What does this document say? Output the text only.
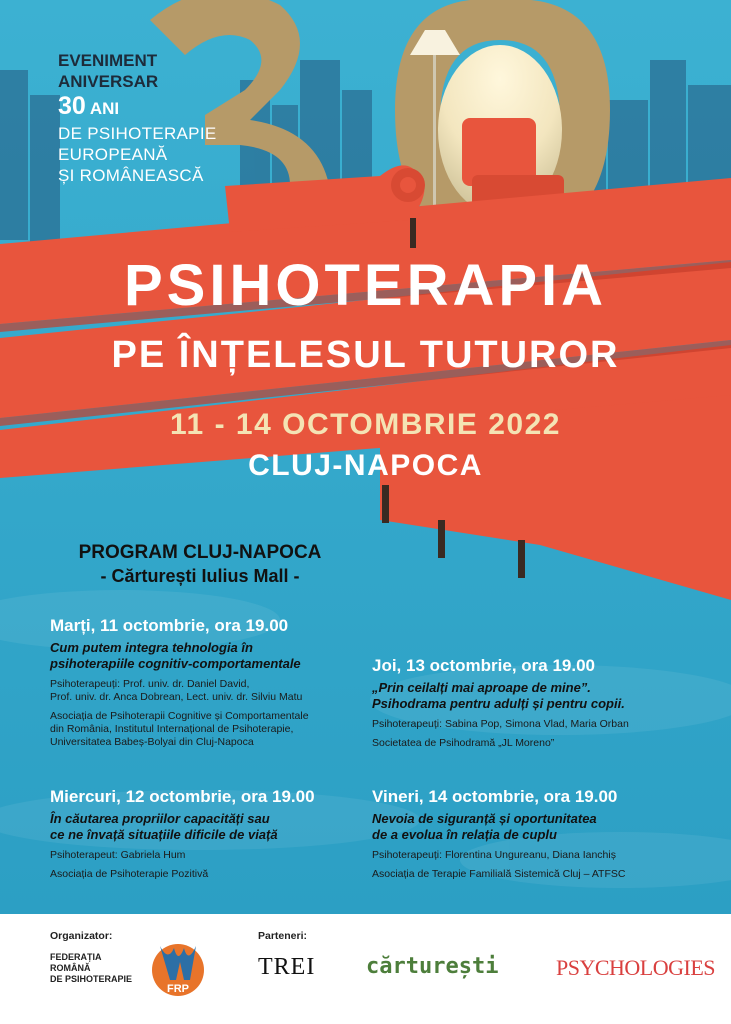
EVENIMENT
ANIVERSAR
30 ANI
DE PSIHOTERAPIE
EUROPEANĂ
ȘI ROMÂNEASCĂ
PSIHOTERAPIA
PE ÎNȚELESUL TUTUROR
11 - 14 OCTOMBRIE 2022
CLUJ-NAPOCA
PROGRAM CLUJ-NAPOCA
- Cărturești Iulius Mall -
Marți, 11 octombrie, ora 19.00
Cum putem integra tehnologia în
psihoterapiile cognitiv-comportamentale
Psihoterapeuți: Prof. univ. dr. Daniel David,
Prof. univ. dr. Anca Dobrean, Lect. univ. dr. Silviu Matu
Asociația de Psihoterapii Cognitive și Comportamentale
din România, Institutul Internațional de Psihoterapie,
Universitatea Babeș-Bolyai din Cluj-Napoca
Miercuri, 12 octombrie, ora 19.00
În căutarea propriilor capacități sau
ce ne învață situațiile dificile de viață
Psihoterapeut: Gabriela Hum
Asociația de Psihoterapie Pozitivă
Joi, 13 octombrie, ora 19.00
„Prin ceilalți mai aproape de mine”.
Psihodrama pentru adulți și pentru copii.
Psihoterapeuți: Sabina Pop, Simona Vlad, Maria Orban
Societatea de Psihodramă „JL Moreno”
Vineri, 14 octombrie, ora 19.00
Nevoia de siguranță și oportunitatea
de a evolua în relația de cuplu
Psihoterapeuți: Florentina Ungureanu, Diana Ianchiș
Asociația de Terapie Familială Sistemică Cluj – ATFSC
Organizator:	Parteneri:
FEDERAȚIA
ROMÂNĂ
DE PSIHOTERAPIE
FRP
TREI cărturești	PSYCHOLOGIES
